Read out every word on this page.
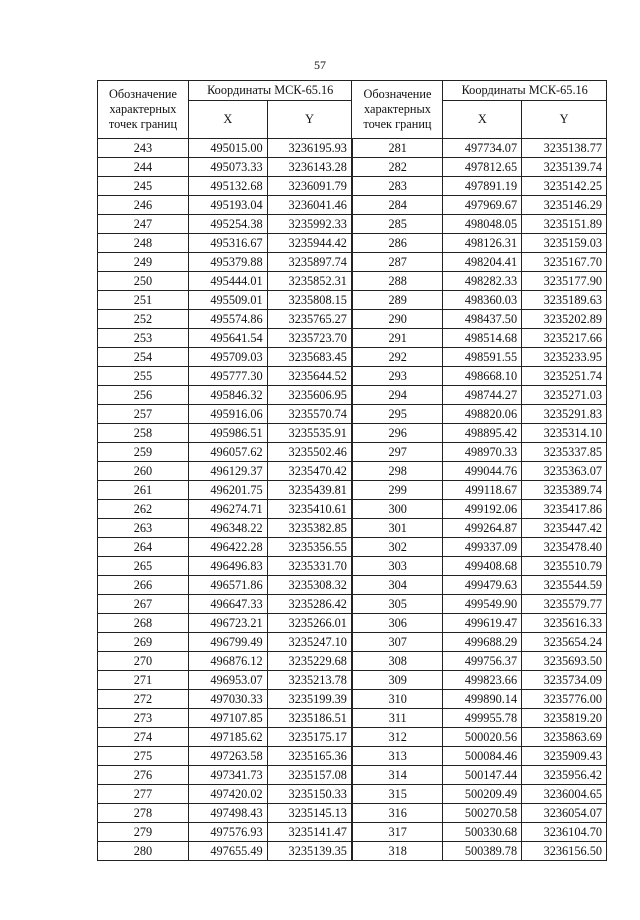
57
Обозначение характерных точек границ	Координаты МСК-65.16		Обозначение характерных точек границ	Координаты МСК-65.16	
	X	Y		X	Y
243	495015.00	3236195.93	281	497734.07	3235138.77
244	495073.33	3236143.28	282	497812.65	3235139.74
245	495132.68	3236091.79	283	497891.19	3235142.25
246	495193.04	3236041.46	284	497969.67	3235146.29
247	495254.38	3235992.33	285	498048.05	3235151.89
248	495316.67	3235944.42	286	498126.31	3235159.03
249	495379.88	3235897.74	287	498204.41	3235167.70
250	495444.01	3235852.31	288	498282.33	3235177.90
251	495509.01	3235808.15	289	498360.03	3235189.63
252	495574.86	3235765.27	290	498437.50	3235202.89
253	495641.54	3235723.70	291	498514.68	3235217.66
254	495709.03	3235683.45	292	498591.55	3235233.95
255	495777.30	3235644.52	293	498668.10	3235251.74
256	495846.32	3235606.95	294	498744.27	3235271.03
257	495916.06	3235570.74	295	498820.06	3235291.83
258	495986.51	3235535.91	296	498895.42	3235314.10
259	496057.62	3235502.46	297	498970.33	3235337.85
260	496129.37	3235470.42	298	499044.76	3235363.07
261	496201.75	3235439.81	299	499118.67	3235389.74
262	496274.71	3235410.61	300	499192.06	3235417.86
263	496348.22	3235382.85	301	499264.87	3235447.42
264	496422.28	3235356.55	302	499337.09	3235478.40
265	496496.83	3235331.70	303	499408.68	3235510.79
266	496571.86	3235308.32	304	499479.63	3235544.59
267	496647.33	3235286.42	305	499549.90	3235579.77
268	496723.21	3235266.01	306	499619.47	3235616.33
269	496799.49	3235247.10	307	499688.29	3235654.24
270	496876.12	3235229.68	308	499756.37	3235693.50
271	496953.07	3235213.78	309	499823.66	3235734.09
272	497030.33	3235199.39	310	499890.14	3235776.00
273	497107.85	3235186.51	311	499955.78	3235819.20
274	497185.62	3235175.17	312	500020.56	3235863.69
275	497263.58	3235165.36	313	500084.46	3235909.43
276	497341.73	3235157.08	314	500147.44	3235956.42
277	497420.02	3235150.33	315	500209.49	3236004.65
278	497498.43	3235145.13	316	500270.58	3236054.07
279	497576.93	3235141.47	317	500330.68	3236104.70
280	497655.49	3235139.35	318	500389.78	3236156.50
